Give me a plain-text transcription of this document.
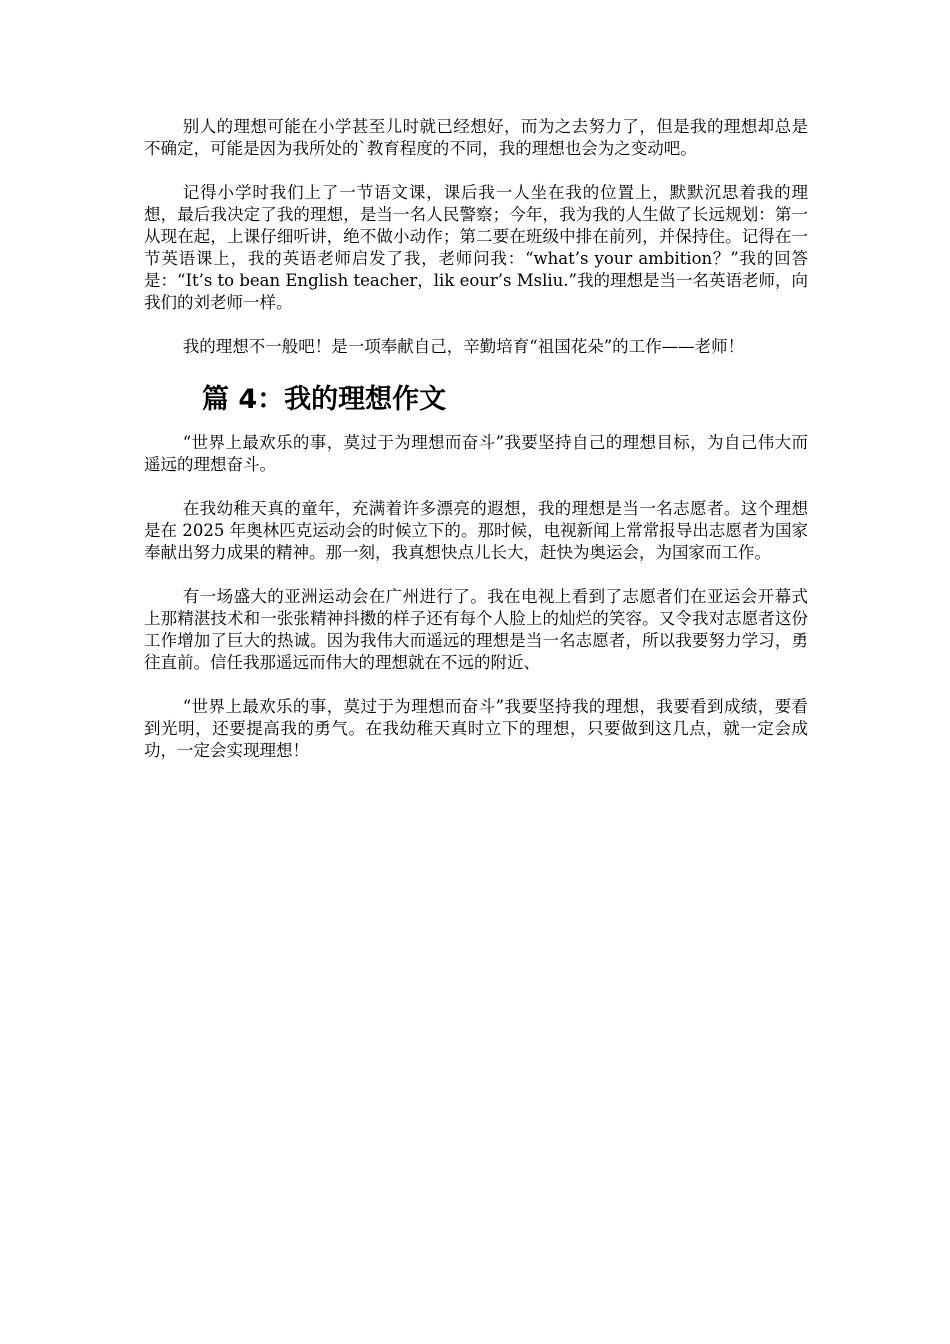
别人的理想可能在小学甚至儿时就已经想好，而为之去努力了，但是我的理想却总是不确定，可能是因为我所处的`教育程度的不同，我的理想也会为之变动吧。

记得小学时我们上了一节语文课，课后我一人坐在我的位置上，默默沉思着我的理想，最后我决定了我的理想，是当一名人民警察；今年，我为我的人生做了长远规划：第一从现在起，上课仔细听讲，绝不做小动作；第二要在班级中排在前列，并保持住。记得在一节英语课上，我的英语老师启发了我，老师问我：“what’s your ambition？”我的回答是：“It’s to bean English teacher，lik eour’s Msliu.”我的理想是当一名英语老师，向我们的刘老师一样。

我的理想不一般吧！是一项奉献自己，辛勤培育“祖国花朵”的工作——老师！

篇 4：我的理想作文

“世界上最欢乐的事，莫过于为理想而奋斗”我要坚持自己的理想目标，为自己伟大而遥远的理想奋斗。

在我幼稚天真的童年，充满着许多漂亮的遐想，我的理想是当一名志愿者。这个理想是在 2025 年奥林匹克运动会的时候立下的。那时候，电视新闻上常常报导出志愿者为国家奉献出努力成果的精神。那一刻，我真想快点儿长大，赶快为奥运会，为国家而工作。

有一场盛大的亚洲运动会在广州进行了。我在电视上看到了志愿者们在亚运会开幕式上那精湛技术和一张张精神抖擞的样子还有每个人脸上的灿烂的笑容。又令我对志愿者这份工作增加了巨大的热诚。因为我伟大而遥远的理想是当一名志愿者，所以我要努力学习，勇往直前。信任我那遥远而伟大的理想就在不远的附近、

“世界上最欢乐的事，莫过于为理想而奋斗”我要坚持我的理想，我要看到成绩，要看到光明，还要提高我的勇气。在我幼稚天真时立下的理想，只要做到这几点，就一定会成功，一定会实现理想！
